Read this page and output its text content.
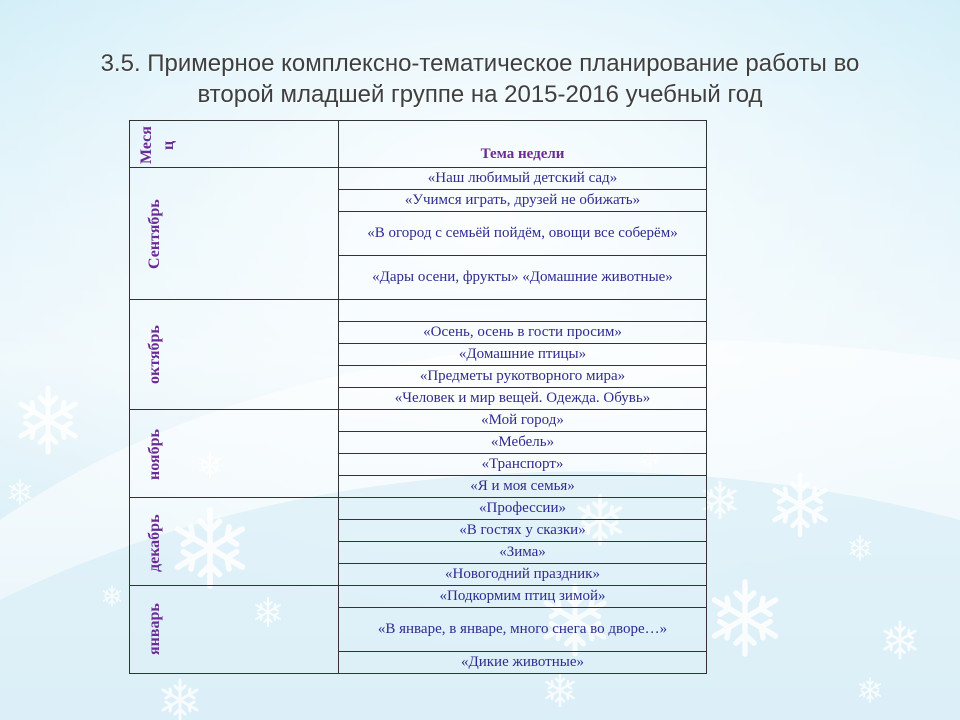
3.5. Примерное комплексно-тематическое планирование работы во
второй младшей группе на 2015-2016 учебный год
Меся ц	Тема недели

Сентябрь	«Наш любимый детский сад»
	«Учимся играть, друзей не обижать»
	«В огород с семьёй пойдём, овощи все соберём»
	«Дары осени, фрукты» «Домашние животные»

октябрь	

	«Осень, осень в гости просим»
	«Домашние птицы»
	«Предметы рукотворного мира»
	«Человек и мир вещей. Одежда. Обувь»

ноябрь	«Мой город»
	«Мебель»
	«Транспорт»
	«Я и моя семья»

декабрь	«Профессии»
	«В гостях у сказки»
	«Зима»
	«Новогодний праздник»

январь	«Подкормим птиц зимой»
	«В январе, в январе, много снега во дворе…»
	«Дикие животные»
